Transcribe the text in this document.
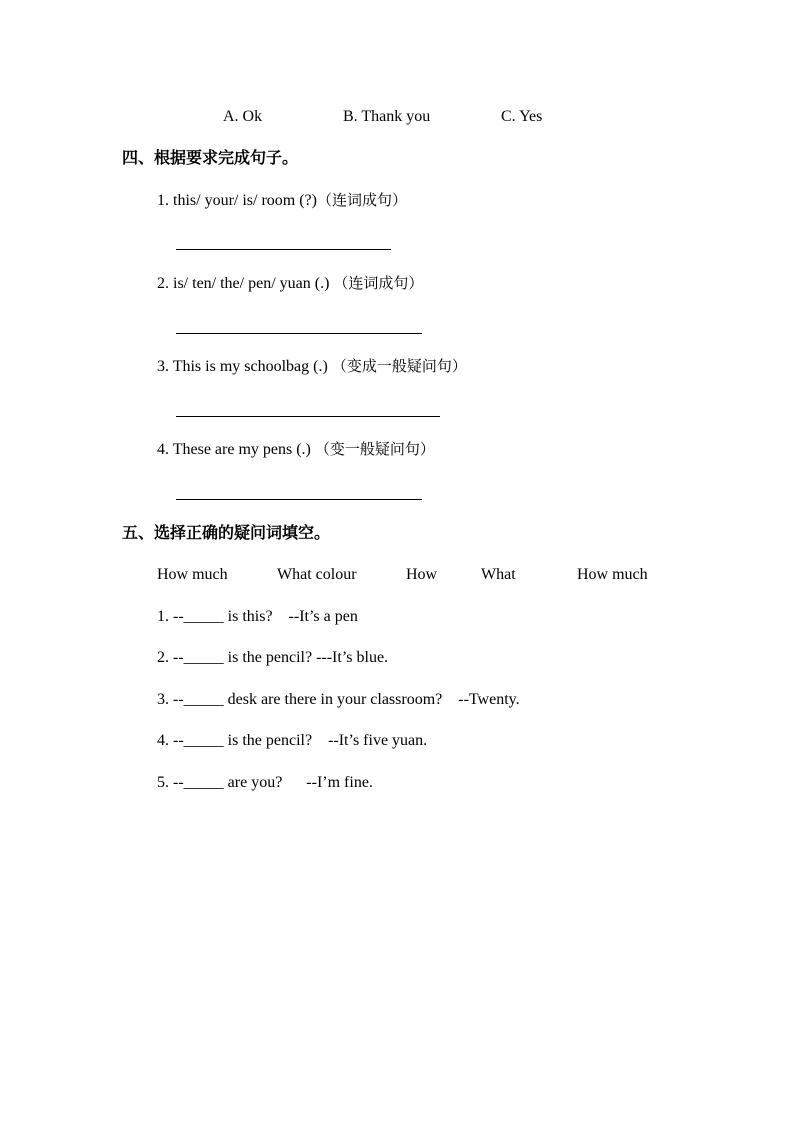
A. Ok	B. Thank you	C. Yes
四、根据要求完成句子。
1. this/ your/ is/ room (?)（连词成句）
2. is/ ten/ the/ pen/ yuan (.) （连词成句）
3. This is my schoolbag (.) （变成一般疑问句）
4. These are my pens (.) （变一般疑问句）
五、选择正确的疑问词填空。
How much	What colour	How	What	How much
1. --_____ is this?    --It’s a pen
2. --_____ is the pencil? ---It’s blue.
3. --_____ desk are there in your classroom?    --Twenty.
4. --_____ is the pencil?    --It’s five yuan.
5. --_____ are you?      --I’m fine.
